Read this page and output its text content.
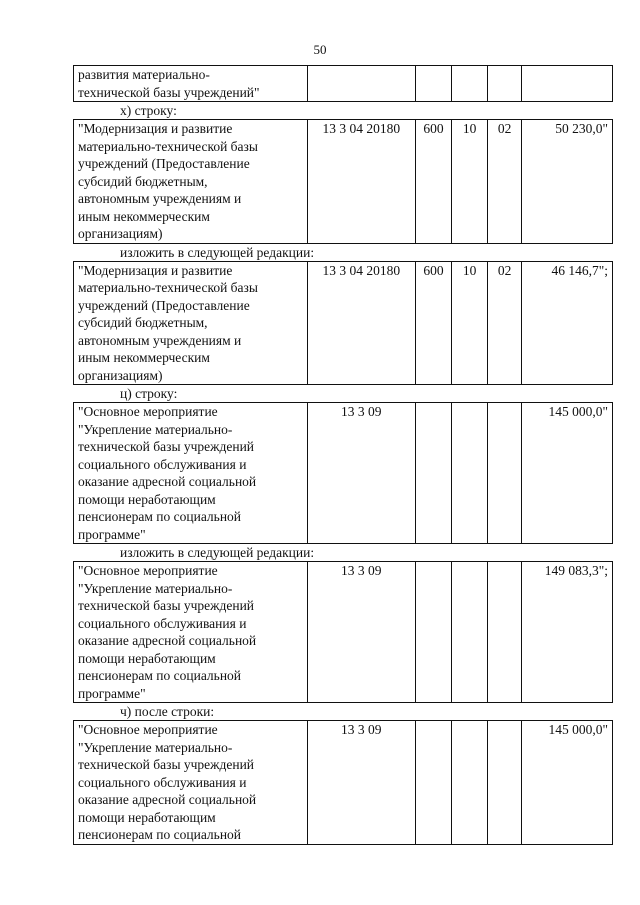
50
развития материально-
технической базы учреждений"					
х) строку:
"Модернизация и развитие
материально-технической базы
учреждений (Предоставление
субсидий бюджетным,
автономным учреждениям и
иным некоммерческим
организациям)	13 3 04 20180	600	10	02	50 230,0"
изложить в следующей редакции:
"Модернизация и развитие
материально-технической базы
учреждений (Предоставление
субсидий бюджетным,
автономным учреждениям и
иным некоммерческим
организациям)	13 3 04 20180	600	10	02	46 146,7";
ц) строку:
"Основное мероприятие
"Укрепление материально-
технической базы учреждений
социального обслуживания и
оказание адресной социальной
помощи неработающим
пенсионерам по социальной
программе"	13 3 09				145 000,0"
изложить в следующей редакции:
"Основное мероприятие
"Укрепление материально-
технической базы учреждений
социального обслуживания и
оказание адресной социальной
помощи неработающим
пенсионерам по социальной
программе"	13 3 09				149 083,3";
ч) после строки:
"Основное мероприятие
"Укрепление материально-
технической базы учреждений
социального обслуживания и
оказание адресной социальной
помощи неработающим
пенсионерам по социальной	13 3 09				145 000,0"
